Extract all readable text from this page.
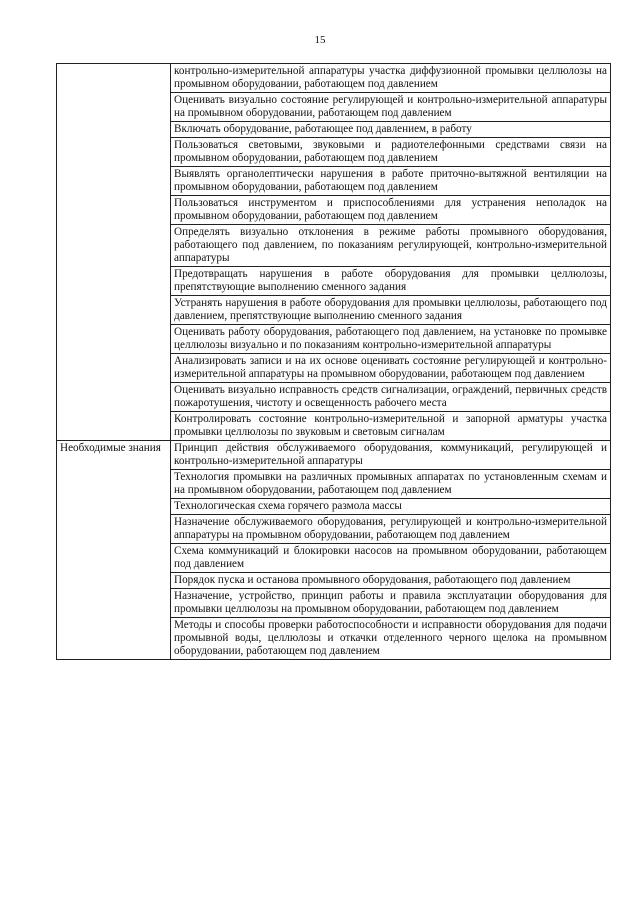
15
	контрольно-измерительной аппаратуры участка диффузионной промывки целлюлозы на промывном оборудовании, работающем под давлением
	Оценивать визуально состояние регулирующей и контрольно-измерительной аппаратуры на промывном оборудовании, работающем под давлением
	Включать оборудование, работающее под давлением, в работу
	Пользоваться световыми, звуковыми и радиотелефонными средствами связи на промывном оборудовании, работающем под давлением
	Выявлять органолептически нарушения в работе приточно-вытяжной вентиляции на промывном оборудовании, работающем под давлением
	Пользоваться инструментом и приспособлениями для устранения неполадок на промывном оборудовании, работающем под давлением
	Определять визуально отклонения в режиме работы промывного оборудования, работающего под давлением, по показаниям регулирующей, контрольно-измерительной аппаратуры
	Предотвращать нарушения в работе оборудования для промывки целлюлозы, препятствующие выполнению сменного задания
	Устранять нарушения в работе оборудования для промывки целлюлозы, работающего под давлением, препятствующие выполнению сменного задания
	Оценивать работу оборудования, работающего под давлением, на установке по промывке целлюлозы визуально и по показаниям контрольно-измерительной аппаратуры
	Анализировать записи и на их основе оценивать состояние регулирующей и контрольно-измерительной аппаратуры на промывном оборудовании, работающем под давлением
	Оценивать визуально исправность средств сигнализации, ограждений, первичных средств пожаротушения, чистоту и освещенность рабочего места
	Контролировать состояние контрольно-измерительной и запорной арматуры участка промывки целлюлозы по звуковым и световым сигналам

Необходимые знания	Принцип действия обслуживаемого оборудования, коммуникаций, регулирующей и контрольно-измерительной аппаратуры
	Технология промывки на различных промывных аппаратах по установленным схемам и на промывном оборудовании, работающем под давлением
	Технологическая схема горячего размола массы
	Назначение обслуживаемого оборудования, регулирующей и контрольно-измерительной аппаратуры на промывном оборудовании, работающем под давлением
	Схема коммуникаций и блокировки насосов на промывном оборудовании, работающем под давлением
	Порядок пуска и останова промывного оборудования, работающего под давлением
	Назначение, устройство, принцип работы и правила эксплуатации оборудования для промывки целлюлозы на промывном оборудовании, работающем под давлением
	Методы и способы проверки работоспособности и исправности оборудования для подачи промывной воды, целлюлозы и откачки отделенного черного щелока на промывном оборудовании, работающем под давлением
